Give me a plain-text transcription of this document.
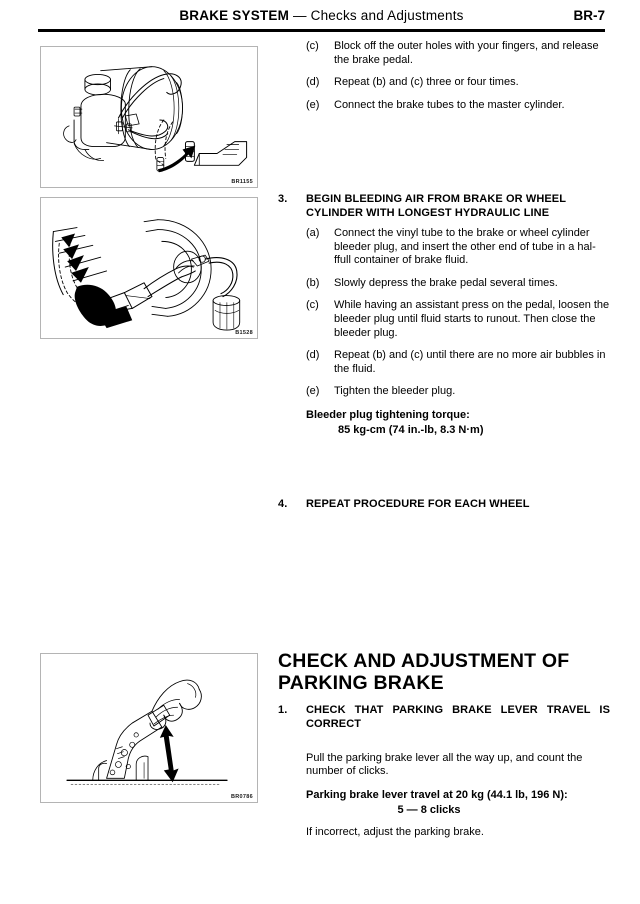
BRAKE SYSTEM — Checks and Adjustments	BR-7
BR1155
B1528
BR0786
(c)	Block off the outer holes with your fingers, and release the brake pedal.
(d)	Repeat (b) and (c) three or four times.
(e)	Connect the brake tubes to the master cylinder.
3. BEGIN BLEEDING AIR FROM BRAKE OR WHEEL CYLINDER WITH LONGEST HYDRAULIC LINE
(a)	Connect the vinyl tube to the brake or wheel cylinder bleeder plug, and insert the other end of tube in a hal-ffull container of brake fluid.
(b)	Slowly depress the brake pedal several times.
(c)	While having an assistant press on the pedal, loosen the bleeder plug until fluid starts to runout. Then close the bleeder plug.
(d)	Repeat (b) and (c) until there are no more air bubbles in the fluid.
(e)	Tighten the bleeder plug.
Bleeder plug tightening torque:
85 kg-cm (74 in.-lb, 8.3 N·m)
4. REPEAT PROCEDURE FOR EACH WHEEL
CHECK AND ADJUSTMENT OF
PARKING BRAKE
1. CHECK THAT PARKING BRAKE LEVER TRAVEL IS CORRECT
Pull the parking brake lever all the way up, and count the number of clicks.
Parking brake lever travel at 20 kg (44.1 lb, 196 N):
5 — 8 clicks
If incorrect, adjust the parking brake.
